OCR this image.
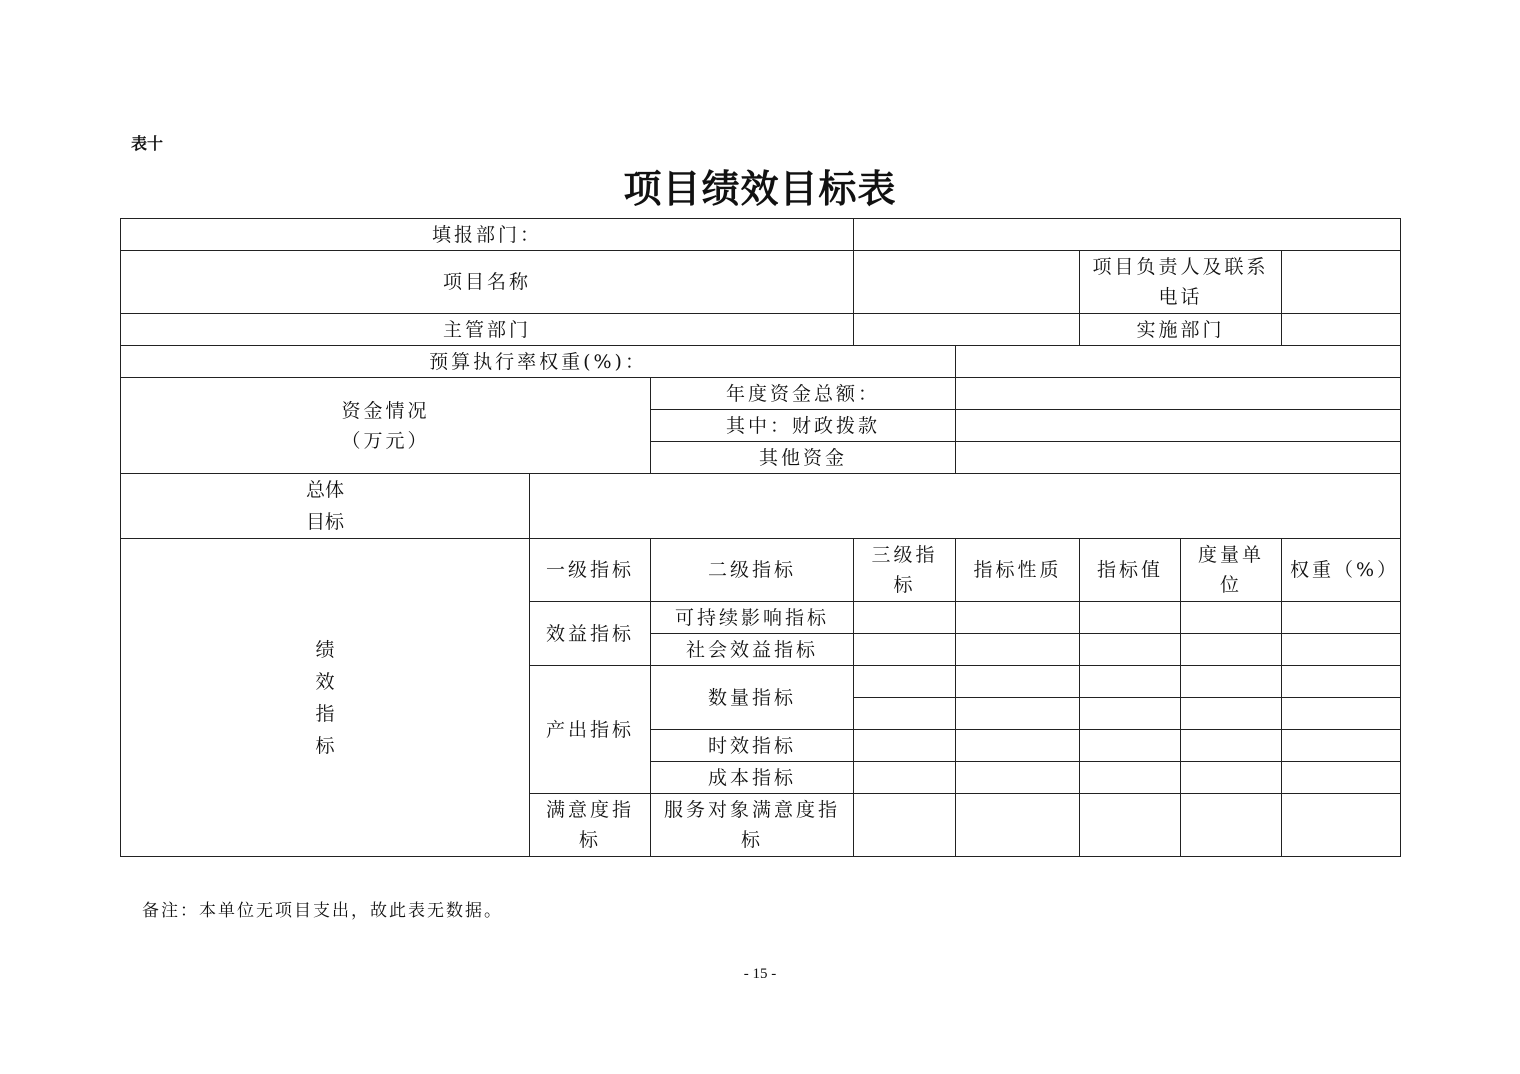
表十
项目绩效目标表
填报部门：							
项目名称					项目负责人及联系电话		
主管部门					实施部门		
预算执行率权重(%)：							

资金情况
（万元）		年度资金总额：					
		其中：财政拨款					
		其他资金					
总体目标							
绩效指标	一级指标	二级指标	三级指标	指标性质	指标值	度量单位	权重（%）
	效益指标	可持续影响指标					
		社会效益指标					
	产出指标	数量指标					

		时效指标					
		成本指标					
	满意度指标	服务对象满意度指标					
备注：本单位无项目支出，故此表无数据。
- 15 -
